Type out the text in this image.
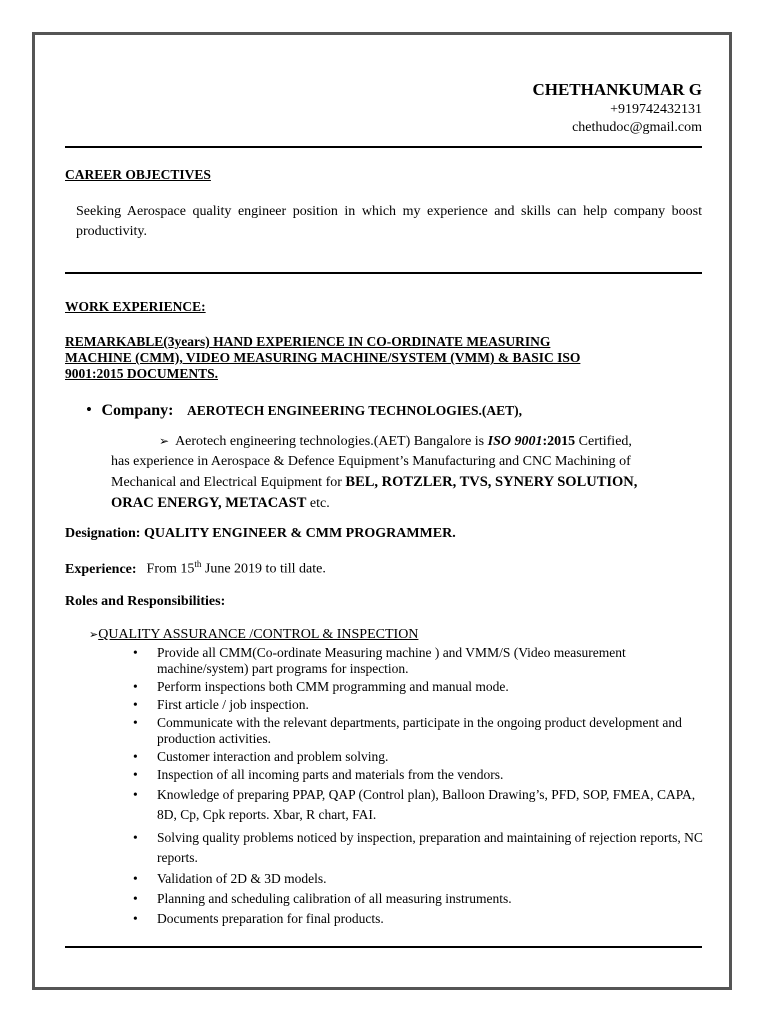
CHETHANKUMAR G
+919742432131
chethudoc@gmail.com
CAREER OBJECTIVES
Seeking Aerospace quality engineer position in which my experience and skills can help company boost productivity.
WORK EXPERIENCE:
REMARKABLE(3years) HAND EXPERIENCE IN CO-ORDINATE MEASURING
MACHINE (CMM), VIDEO MEASURING MACHINE/SYSTEM (VMM) & BASIC ISO
9001:2015 DOCUMENTS.
• Company: AEROTECH ENGINEERING TECHNOLOGIES.(AET),
➢ Aerotech engineering technologies.(AET) Bangalore is ISO 9001:2015 Certified,
has experience in Aerospace & Defence Equipment’s Manufacturing and CNC Machining of
Mechanical and Electrical Equipment for BEL, ROTZLER, TVS, SYNERY SOLUTION,
ORAC ENERGY, METACAST etc.
Designation: QUALITY ENGINEER & CMM PROGRAMMER.
Experience: From 15th June 2019 to till date.
Roles and Responsibilities:
➢QUALITY ASSURANCE /CONTROL & INSPECTION
• Provide all CMM(Co-ordinate Measuring machine ) and VMM/S (Video measurement machine/system) part programs for inspection.
• Perform inspections both CMM programming and manual mode.
• First article / job inspection.
• Communicate with the relevant departments, participate in the ongoing product development and production activities.
• Customer interaction and problem solving.
• Inspection of all incoming parts and materials from the vendors.
• Knowledge of preparing PPAP, QAP (Control plan), Balloon Drawing’s, PFD, SOP, FMEA, CAPA, 8D, Cp, Cpk reports. Xbar, R chart, FAI.
• Solving quality problems noticed by inspection, preparation and maintaining of rejection reports, NC reports.
• Validation of 2D & 3D models.
• Planning and scheduling calibration of all measuring instruments.
• Documents preparation for final products.
